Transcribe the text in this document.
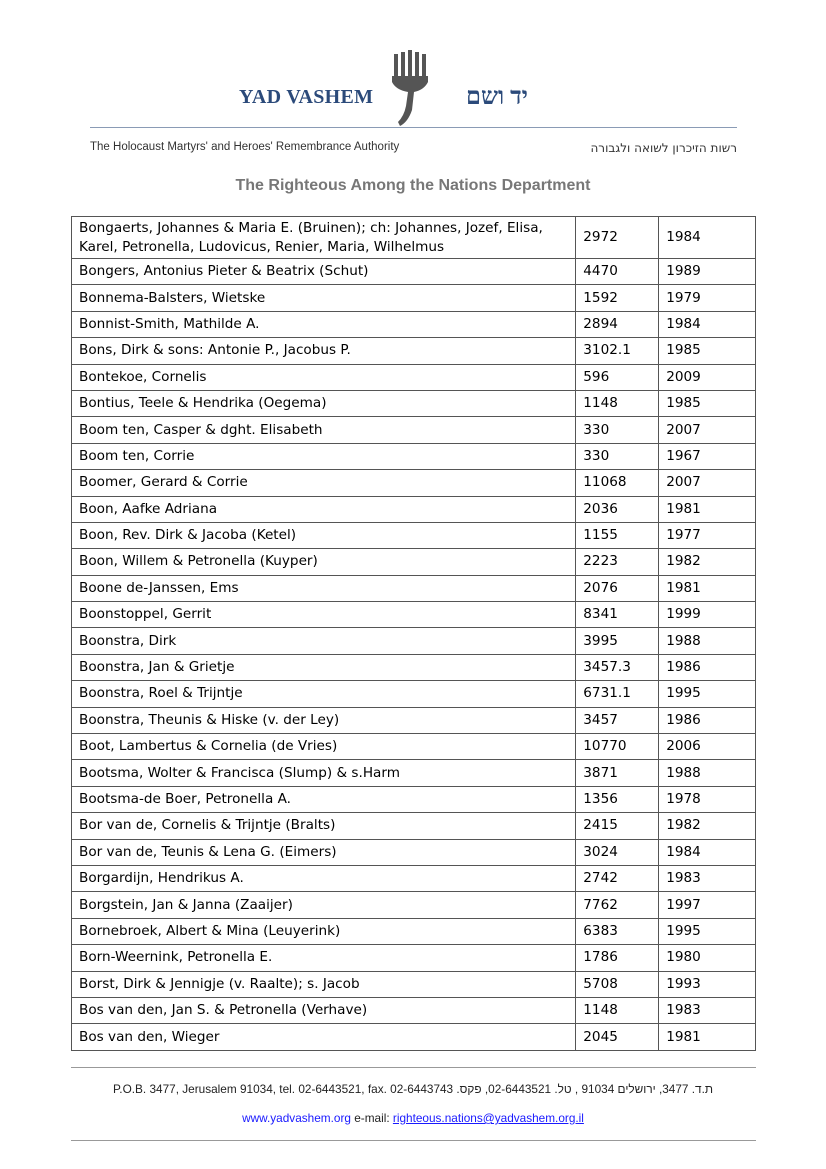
YAD VASHEM	יד ושם
The Holocaust Martyrs' and Heroes' Remembrance Authority	רשות הזיכרון לשואה ולגבורה
The Righteous Among the Nations Department
Bongaerts, Johannes & Maria E. (Bruinen); ch: Johannes, Jozef, Elisa, Karel, Petronella, Ludovicus, Renier, Maria, Wilhelmus	2972	1984
Bongers, Antonius Pieter & Beatrix (Schut)	4470	1989
Bonnema-Balsters, Wietske	1592	1979
Bonnist-Smith, Mathilde A.	2894	1984
Bons, Dirk & sons: Antonie P., Jacobus P.	3102.1	1985
Bontekoe, Cornelis	596	2009
Bontius, Teele & Hendrika (Oegema)	1148	1985
Boom ten, Casper & dght. Elisabeth	330	2007
Boom ten, Corrie	330	1967
Boomer, Gerard & Corrie	11068	2007
Boon, Aafke Adriana	2036	1981
Boon, Rev. Dirk & Jacoba (Ketel)	1155	1977
Boon, Willem & Petronella (Kuyper)	2223	1982
Boone de-Janssen, Ems	2076	1981
Boonstoppel, Gerrit	8341	1999
Boonstra, Dirk	3995	1988
Boonstra, Jan & Grietje	3457.3	1986
Boonstra, Roel & Trijntje	6731.1	1995
Boonstra, Theunis & Hiske (v. der Ley)	3457	1986
Boot, Lambertus & Cornelia (de Vries)	10770	2006
Bootsma, Wolter & Francisca (Slump) & s.Harm	3871	1988
Bootsma-de Boer, Petronella A.	1356	1978
Bor van de, Cornelis & Trijntje (Bralts)	2415	1982
Bor van de, Teunis & Lena G. (Eimers)	3024	1984
Borgardijn, Hendrikus A.	2742	1983
Borgstein, Jan & Janna (Zaaijer)	7762	1997
Bornebroek, Albert & Mina (Leuyerink)	6383	1995
Born-Weernink, Petronella E.	1786	1980
Borst, Dirk & Jennigje (v. Raalte); s. Jacob	5708	1993
Bos van den, Jan S. & Petronella (Verhave)	1148	1983
Bos van den, Wieger	2045	1981
P.O.B. 3477, Jerusalem 91034, tel. 02-6443521, fax. 02-6443743 ת.ד. 3477, ירושלים 91034 , טל. 02-6443521, פקס.
www.yadvashem.org e-mail: righteous.nations@yadvashem.org.il
